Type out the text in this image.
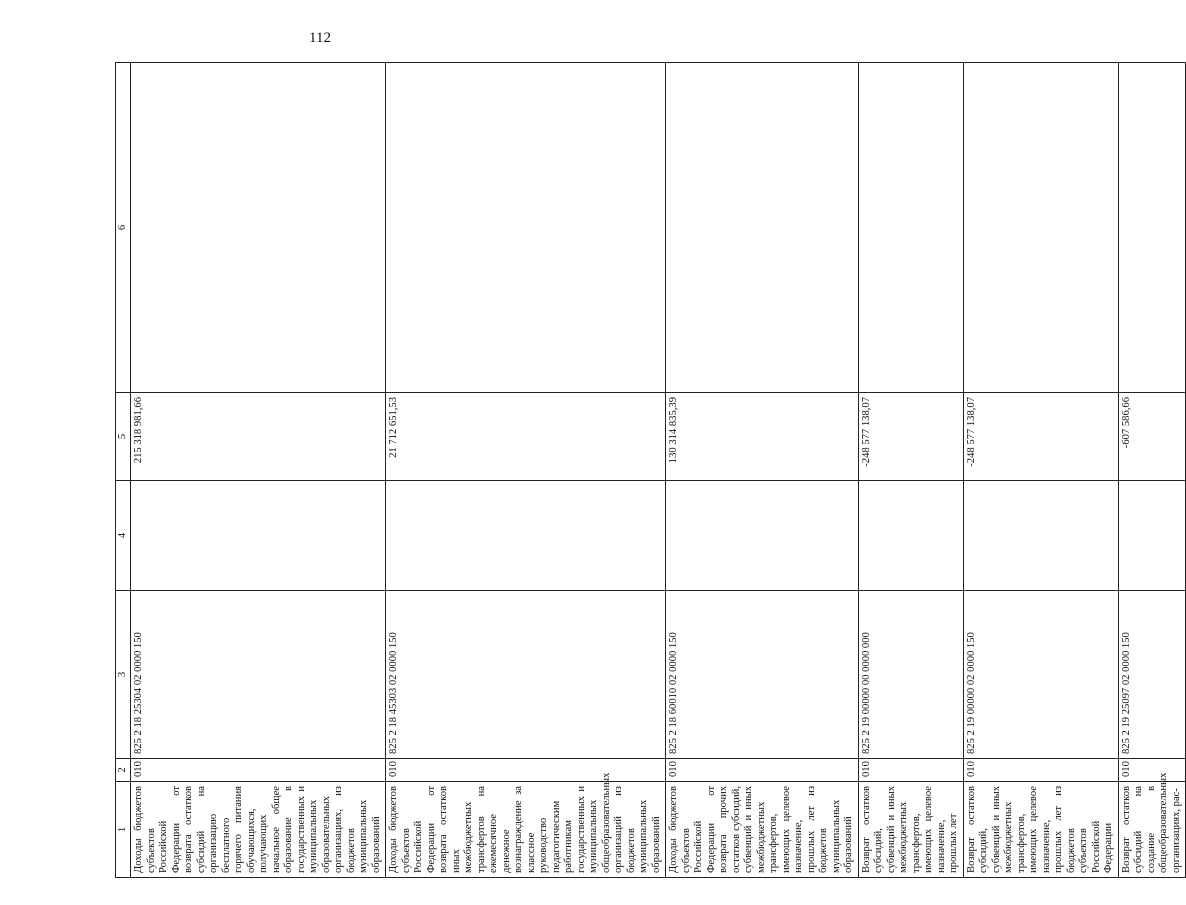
112
1	2	3	4	5	6
Доходы бюджетов субъектов Российской Федерации от возврата остатков субсидий на организацию бесплатного горячего питания обучающихся, получающих начальное общее образование в государственных и муниципальных образовательных организациях, из бюджетов муниципальных образований	010	825 2 18 25304 02 0000 150		215 318 981,66	
Доходы бюджетов субъектов Российской Федерации от возврата остатков иных межбюджетных трансфертов на ежемесячное денежное вознаграждение за классное руководство педагогическим работникам государственных и муниципальных общеобразовательных организаций из бюджетов муниципальных образований	010	825 2 18 45303 02 0000 150		21 712 651,53	
Доходы бюджетов субъектов Российской Федерации от возврата прочих остатков субсидий, субвенций и иных межбюджетных трансфертов, имеющих целевое назначение, прошлых лет из бюджетов муниципальных образований	010	825 2 18 60010 02 0000 150		130 314 835,39	
Возврат остатков субсидий, субвенций и иных межбюджетных трансфертов, имеющих целевое назначение, прошлых лет	010	825 2 19 00000 00 0000 000		-248 577 138,07	
Возврат остатков субсидий, субвенций и иных межбюджетных трансфертов, имеющих целевое назначение, прошлых лет из бюджетов субъектов Российской Федерации	010	825 2 19 00000 02 0000 150		-248 577 138,07	
Возврат остатков субсидий на создание в общеобразовательных организациях, рас-	010	825 2 19 25097 02 0000 150		-607 586,66	
